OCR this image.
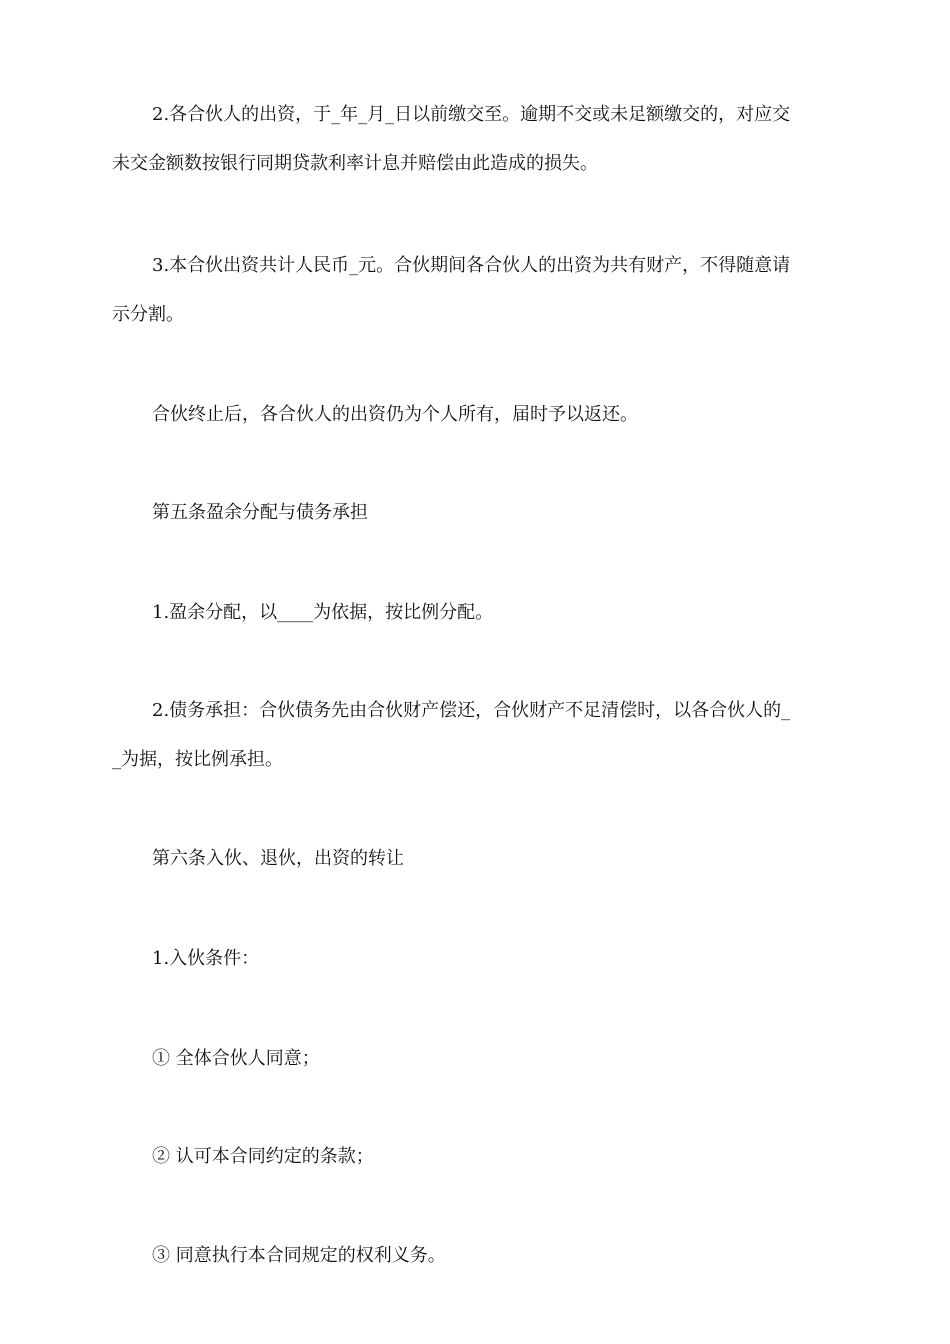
2.各合伙人的出资，于_年_月_日以前缴交至。逾期不交或未足额缴交的，对应交
未交金额数按银行同期贷款利率计息并赔偿由此造成的损失。
3.本合伙出资共计人民币_元。合伙期间各合伙人的出资为共有财产，不得随意请
示分割。
合伙终止后，各合伙人的出资仍为个人所有，届时予以返还。
第五条盈余分配与债务承担
1.盈余分配，以____为依据，按比例分配。
2.债务承担：合伙债务先由合伙财产偿还，合伙财产不足清偿时，以各合伙人的_
_为据，按比例承担。
第六条入伙、退伙，出资的转让
1.入伙条件：
① 全体合伙人同意；
② 认可本合同约定的条款；
③ 同意执行本合同规定的权利义务。
